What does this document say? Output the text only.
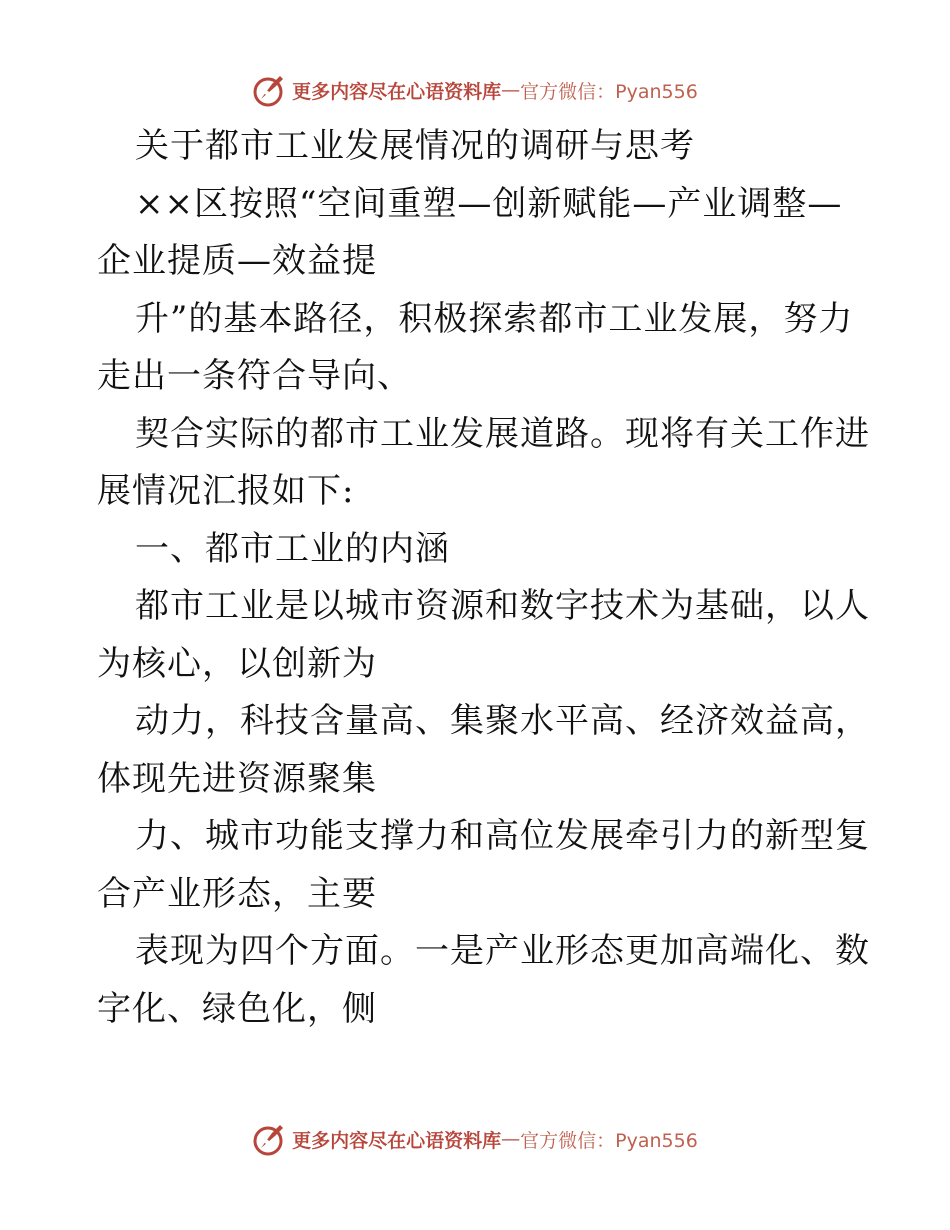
更多内容尽在心语资料库 — 官方微信：Pyan556
关于都市工业发展情况的调研与思考
××区按照“空间重塑—创新赋能—产业调整—
企业提质—效益提
升”的基本路径，积极探索都市工业发展，努力
走出一条符合导向、
契合实际的都市工业发展道路。现将有关工作进
展情况汇报如下:
一、都市工业的内涵
都市工业是以城市资源和数字技术为基础，以人
为核心，以创新为
动力，科技含量高、集聚水平高、经济效益高，
体现先进资源聚集
力、城市功能支撑力和高位发展牵引力的新型复
合产业形态，主要
表现为四个方面。一是产业形态更加高端化、数
字化、绿色化，侧
更多内容尽在心语资料库 — 官方微信：Pyan556
